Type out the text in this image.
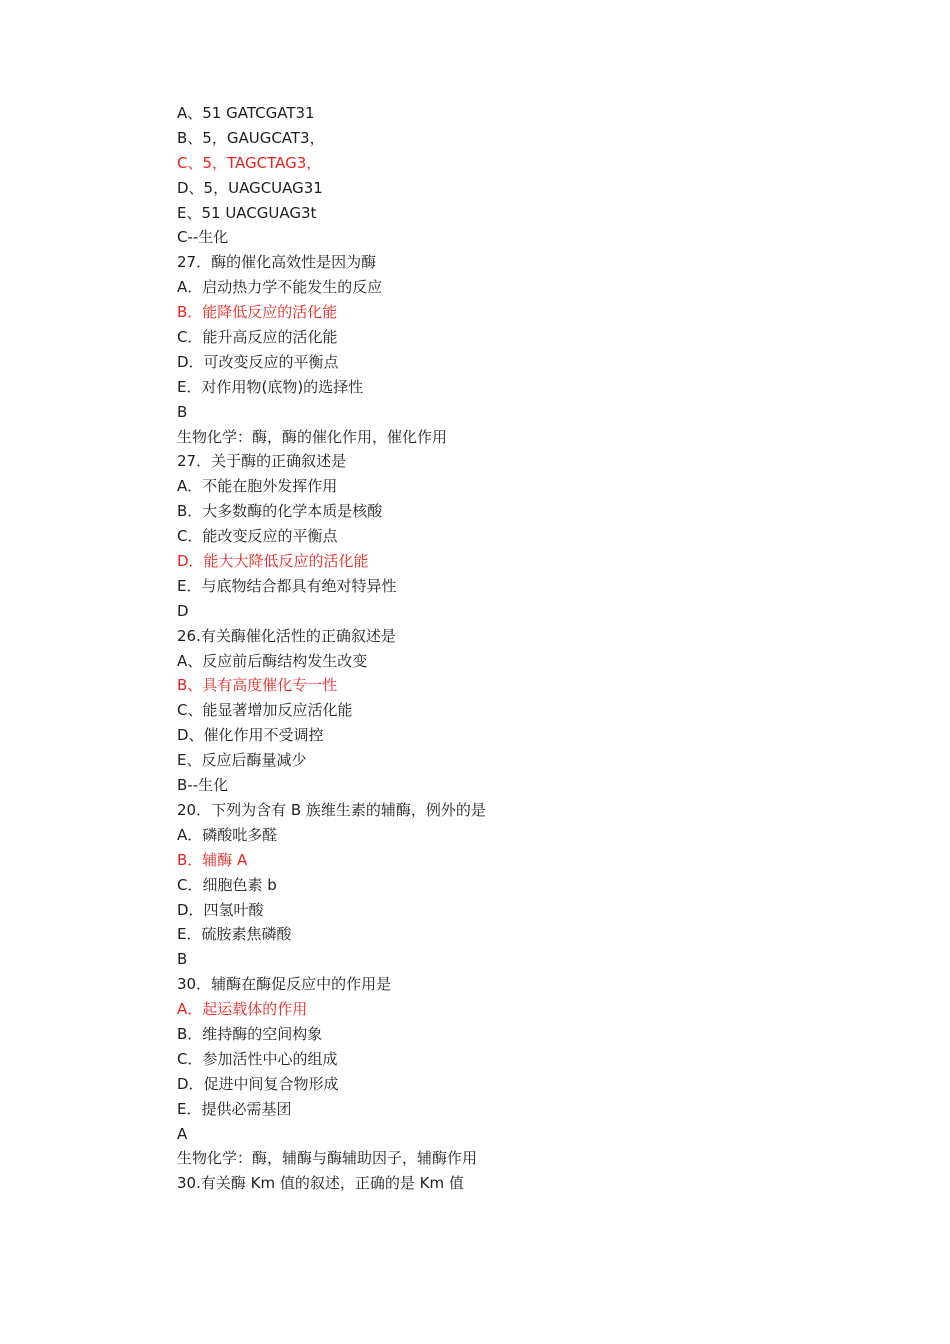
A、51 GATCGAT31
B、5，GAUGCAT3，
C、5，TAGCTAG3，
D、5，UAGCUAG31
E、51 UACGUAG3t
C--生化
27．酶的催化高效性是因为酶
A．启动热力学不能发生的反应
B．能降低反应的活化能
C．能升高反应的活化能
D．可改变反应的平衡点
E．对作用物(底物)的选择性
B
生物化学：酶，酶的催化作用，催化作用
27．关于酶的正确叙述是
A．不能在胞外发挥作用
B．大多数酶的化学本质是核酸
C．能改变反应的平衡点
D．能大大降低反应的活化能
E．与底物结合都具有绝对特异性
D
26.有关酶催化活性的正确叙述是
A、反应前后酶结构发生改变
B、具有高度催化专一性
C、能显著增加反应活化能
D、催化作用不受调控
E、反应后酶量减少
B--生化
20．下列为含有 B 族维生素的辅酶，例外的是
A．磷酸吡多醛
B．辅酶 A
C．细胞色素 b
D．四氢叶酸
E．硫胺素焦磷酸
B
30．辅酶在酶促反应中的作用是
A．起运载体的作用
B．维持酶的空间构象
C．参加活性中心的组成
D．促进中间复合物形成
E．提供必需基团
A
生物化学：酶，辅酶与酶辅助因子，辅酶作用
30.有关酶 Km 值的叙述，正确的是 Km 值
